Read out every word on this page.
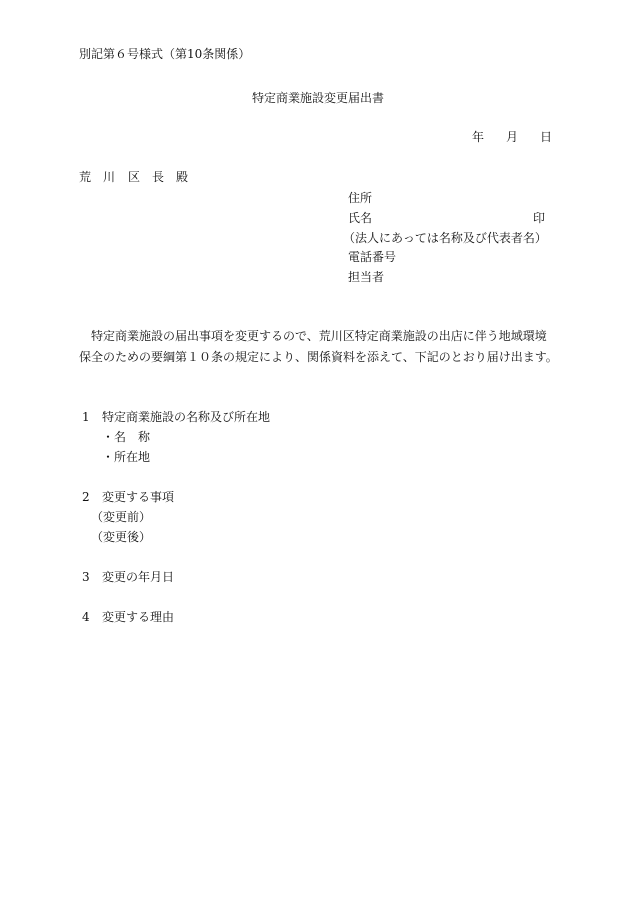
別記第６号様式（第10条関係）
特定商業施設変更届出書
年 月 日
荒 川 区 長 殿
住所
氏名	印
（法人にあっては名称及び代表者名）
電話番号
担当者
特定商業施設の届出事項を変更するので、荒川区特定商業施設の出店に伴う地域環境
保全のための要綱第１０条の規定により、関係資料を添えて、下記のとおり届け出ます。
1 特定商業施設の名称及び所在地
・名 称
・所在地
2 変更する事項
（変更前）
（変更後）
3 変更の年月日
4 変更する理由
